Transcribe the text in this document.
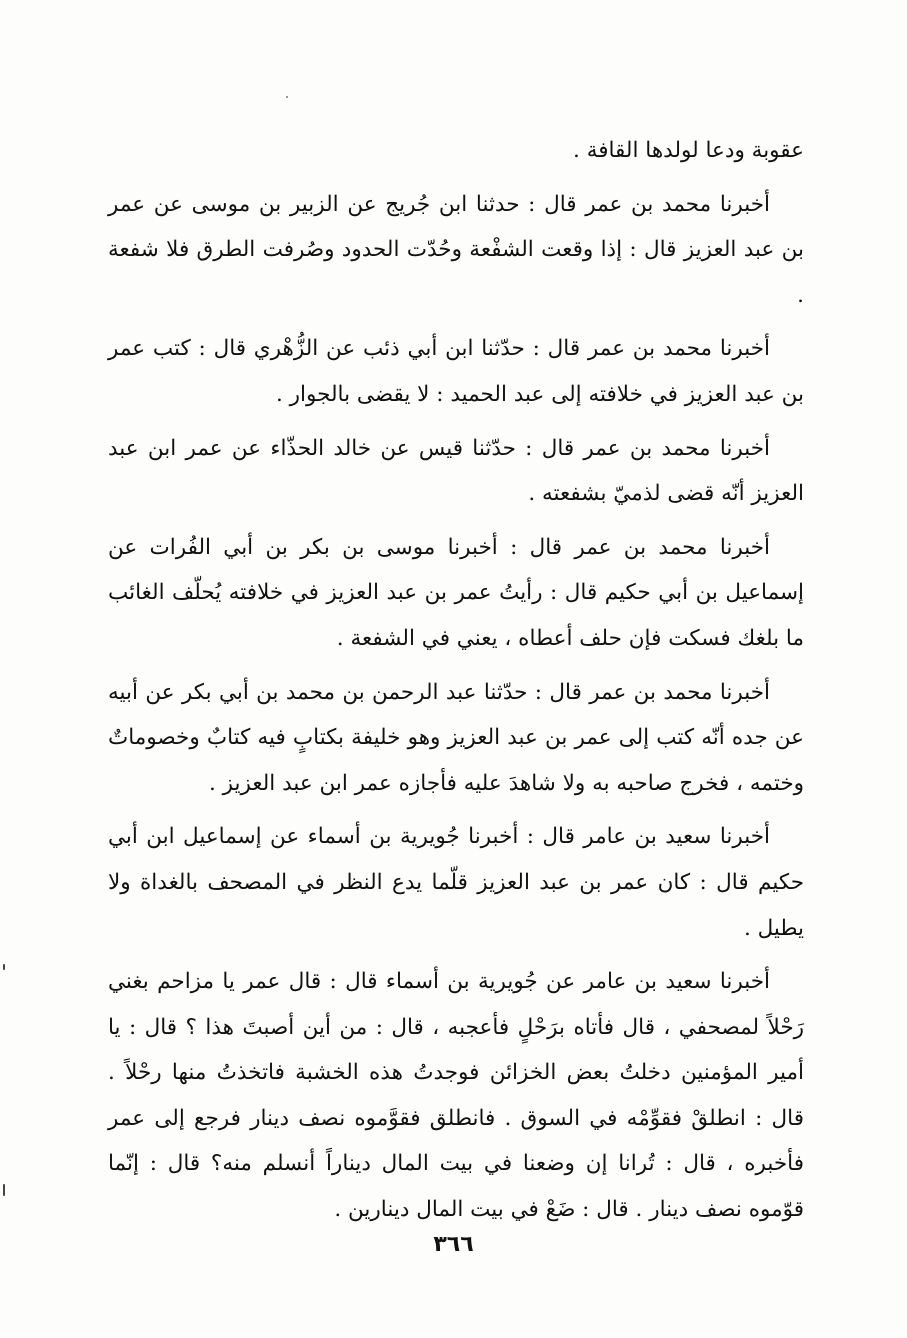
عقوبة ودعا لولدها القافة .

أخبرنا محمد بن عمر قال : حدثنا ابن جُريج عن الزبير بن موسى عن عمر بن عبد العزيز قال : إذا وقعت الشفْعة وحُدّت الحدود وصُرفت الطرق فلا شفعة .

أخبرنا محمد بن عمر قال : حدّثنا ابن أبي ذئب عن الزُّهْري قال : كتب عمر بن عبد العزيز في خلافته إلى عبد الحميد : لا يقضى بالجوار .

أخبرنا محمد بن عمر قال : حدّثنا قيس عن خالد الحذّاء عن عمر ابن عبد العزيز أنّه قضى لذميّ بشفعته .

أخبرنا محمد بن عمر قال : أخبرنا موسى بن بكر بن أبي الفُرات عن إسماعيل بن أبي حكيم قال : رأيتُ عمر بن عبد العزيز في خلافته يُحلّف الغائب ما بلغك فسكت فإن حلف أعطاه ، يعني في الشفعة .

أخبرنا محمد بن عمر قال : حدّثنا عبد الرحمن بن محمد بن أبي بكر عن أبيه عن جده أنّه كتب إلى عمر بن عبد العزيز وهو خليفة بكتابٍ فيه كتابٌ وخصوماتٌ وختمه ، فخرج صاحبه به ولا شاهدَ عليه فأجازه عمر ابن عبد العزيز .

أخبرنا سعيد بن عامر قال : أخبرنا جُويرية بن أسماء عن إسماعيل ابن أبي حكيم قال : كان عمر بن عبد العزيز قلّما يدع النظر في المصحف بالغداة ولا يطيل .

أخبرنا سعيد بن عامر عن جُويرية بن أسماء قال : قال عمر يا مزاحم بغني رَحْلاً لمصحفي ، قال فأتاه برَحْلٍ فأعجبه ، قال : من أين أصبتَ هذا ؟ قال : يا أمير المؤمنين دخلتُ بعض الخزائن فوجدتُ هذه الخشبة فاتخذتُ منها رحْلاً . قال : انطلقْ فقوِّمْه في السوق . فانطلق فقوَّموه نصف دينار فرجع إلى عمر فأخبره ، قال : تُرانا إن وضعنا في بيت المال ديناراً أنسلم منه؟ قال : إنّما قوّموه نصف دينار . قال : ضَعْ في بيت المال دينارين .

٣٦٦
